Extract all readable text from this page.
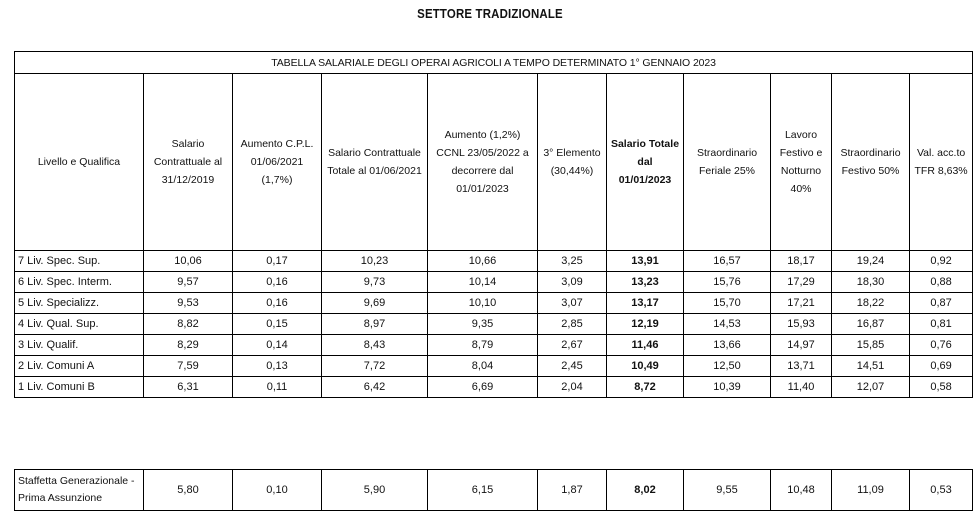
SETTORE TRADIZIONALE
TABELLA SALARIALE DEGLI OPERAI AGRICOLI A TEMPO DETERMINATO 1° GENNAIO 2023										
Livello e Qualifica	Salario Contrattuale al 31/12/2019	Aumento C.P.L. 01/06/2021 (1,7%)	Salario Contrattuale Totale al 01/06/2021	Aumento (1,2%) CCNL 23/05/2022 a decorrere dal 01/01/2023	3° Elemento (30,44%)	Salario Totale dal 01/01/2023	Straordinario Feriale 25%	Lavoro Festivo e Notturno 40%	Straordinario Festivo 50%	Val. acc.to TFR 8,63%
7 Liv. Spec. Sup.	10,06	0,17	10,23	10,66	3,25	13,91	16,57	18,17	19,24	0,92
6 Liv. Spec. Interm.	9,57	0,16	9,73	10,14	3,09	13,23	15,76	17,29	18,30	0,88
5 Liv. Specializz.	9,53	0,16	9,69	10,10	3,07	13,17	15,70	17,21	18,22	0,87
4 Liv. Qual. Sup.	8,82	0,15	8,97	9,35	2,85	12,19	14,53	15,93	16,87	0,81
3 Liv. Qualif.	8,29	0,14	8,43	8,79	2,67	11,46	13,66	14,97	15,85	0,76
2 Liv. Comuni A	7,59	0,13	7,72	8,04	2,45	10,49	12,50	13,71	14,51	0,69
1 Liv. Comuni B	6,31	0,11	6,42	6,69	2,04	8,72	10,39	11,40	12,07	0,58
Staffetta Generazionale - Prima Assunzione	5,80	0,10	5,90	6,15	1,87	8,02	9,55	10,48	11,09	0,53
